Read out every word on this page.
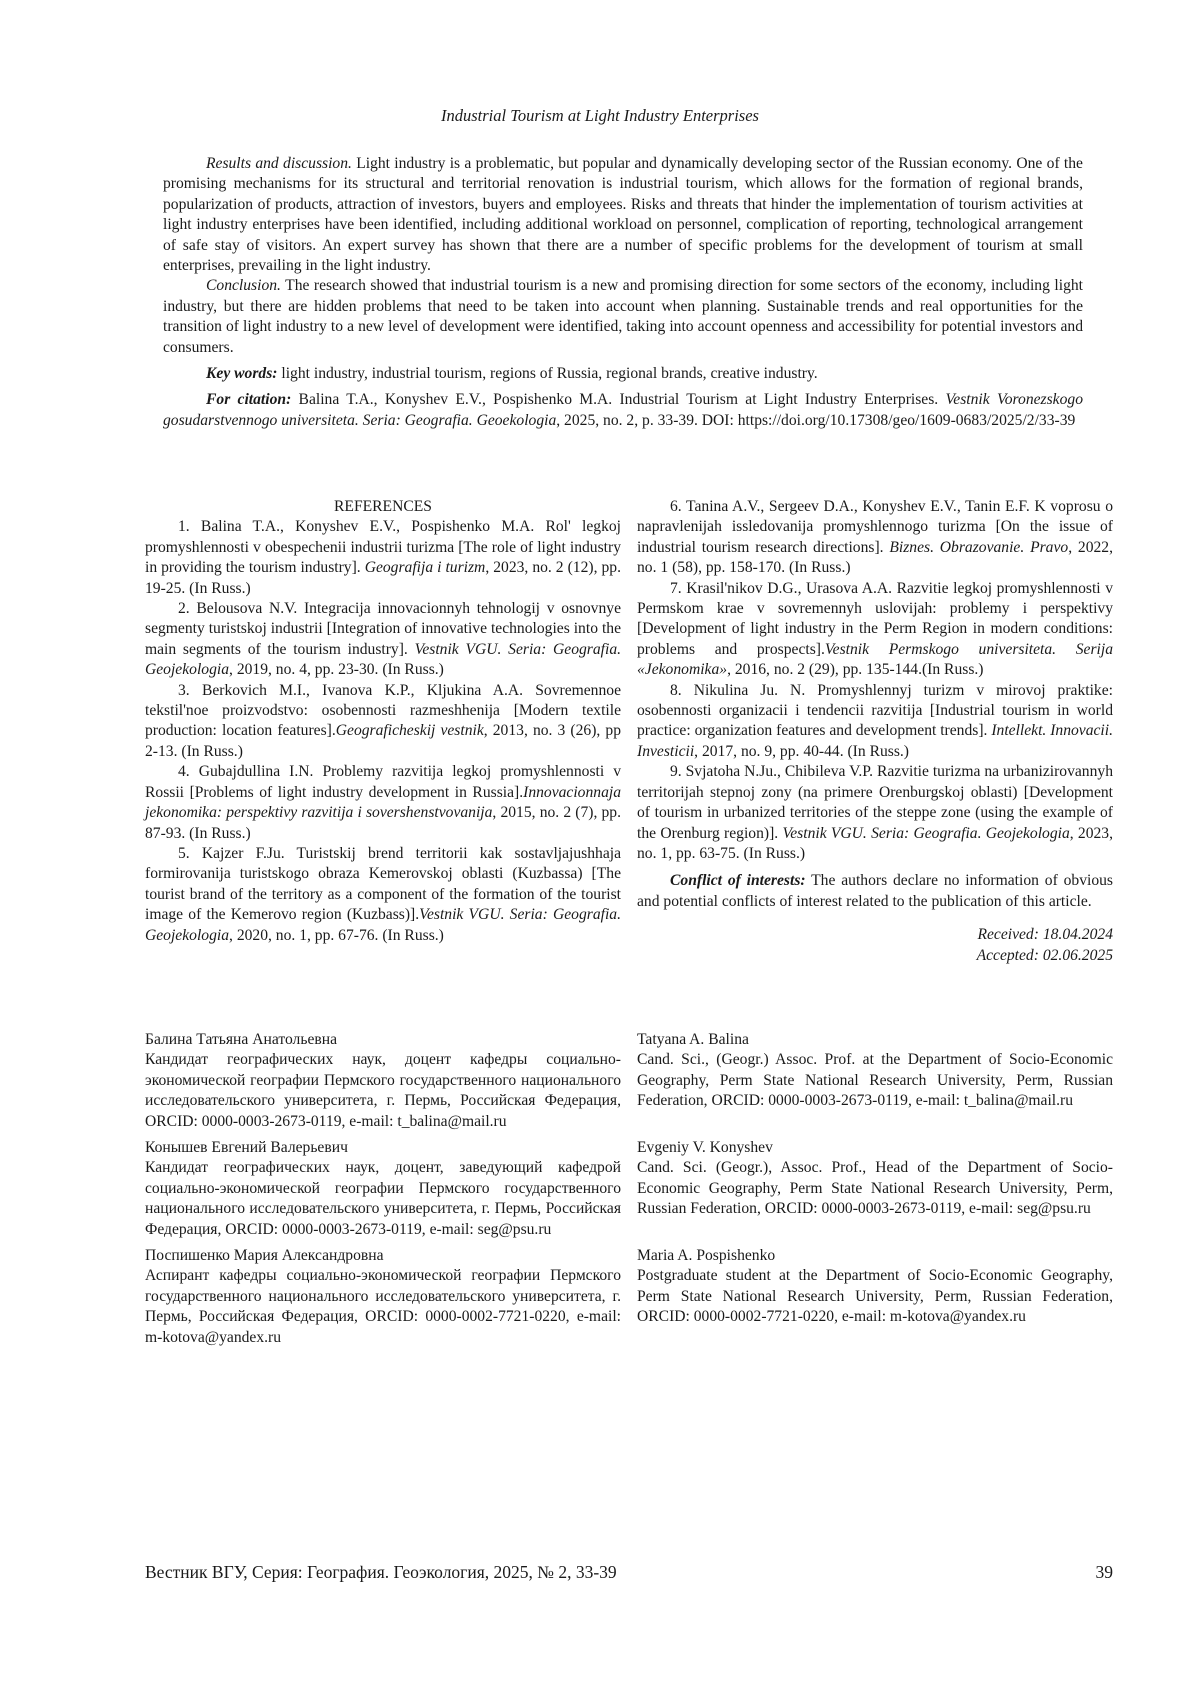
Industrial Tourism at Light Industry Enterprises

Results and discussion. Light industry is a problematic, but popular and dynamically developing sector of the Russian economy. One of the promising mechanisms for its structural and territorial renovation is industrial tourism, which allows for the formation of regional brands, popularization of products, attraction of investors, buyers and employees. Risks and threats that hinder the implementation of tourism activities at light industry enterprises have been identified, including additional workload on personnel, complication of reporting, technological arrangement of safe stay of visitors. An expert survey has shown that there are a number of specific problems for the development of tourism at small enterprises, prevailing in the light industry.

Conclusion. The research showed that industrial tourism is a new and promising direction for some sectors of the economy, including light industry, but there are hidden problems that need to be taken into account when planning. Sustainable trends and real opportunities for the transition of light industry to a new level of development were identified, taking into account openness and accessibility for potential investors and consumers.

Key words: light industry, industrial tourism, regions of Russia, regional brands, creative industry.

For citation: Balina T.A., Konyshev E.V., Pospishenko M.A. Industrial Tourism at Light Industry Enterprises. Vestnik Voronezskogo gosudarstvennogo universiteta. Seria: Geografia. Geoekologia, 2025, no. 2, p. 33-39. DOI: https://doi.org/10.17308/geo/1609-0683/2025/2/33-39

REFERENCES

1. Balina T.A., Konyshev E.V., Pospishenko M.A. Rol' legkoj promyshlennosti v obespechenii industrii turizma [The role of light industry in providing the tourism industry]. Geografija i turizm, 2023, no. 2 (12), pp. 19-25. (In Russ.)

2. Belousova N.V. Integracija innovacionnyh tehnologij v osnovnye segmenty turistskoj industrii [Integration of innovative technologies into the main segments of the tourism industry]. Vestnik VGU. Seria: Geografia. Geojekologia, 2019, no. 4, pp. 23-30. (In Russ.)

3. Berkovich M.I., Ivanova K.P., Kljukina A.A. Sovremennoe tekstil'noe proizvodstvo: osobennosti razmeshhenija [Modern textile production: location features].Geograficheskij vestnik, 2013, no. 3 (26), pp 2-13. (In Russ.)

4. Gubajdullina I.N. Problemy razvitija legkoj promyshlennosti v Rossii [Problems of light industry development in Russia].Innovacionnaja jekonomika: perspektivy razvitija i sovershenstvovanija, 2015, no. 2 (7), pp. 87-93. (In Russ.)

5. Kajzer F.Ju. Turistskij brend territorii kak sostavljajushhaja formirovanija turistskogo obraza Kemerovskoj oblasti (Kuzbassa) [The tourist brand of the territory as a component of the formation of the tourist image of the Kemerovo region (Kuzbass)].Vestnik VGU. Seria: Geografia. Geojekologia, 2020, no. 1, pp. 67-76. (In Russ.)

6. Tanina A.V., Sergeev D.A., Konyshev E.V., Tanin E.F. K voprosu o napravlenijah issledovanija promyshlennogo turizma [On the issue of industrial tourism research directions]. Biznes. Obrazovanie. Pravo, 2022, no. 1 (58), pp. 158-170. (In Russ.)

7. Krasil'nikov D.G., Urasova A.A. Razvitie legkoj promyshlennosti v Permskom krae v sovremennyh uslovijah: problemy i perspektivy [Development of light industry in the Perm Region in modern conditions: problems and prospects].Vestnik Permskogo universiteta. Serija «Jekonomika», 2016, no. 2 (29), pp. 135-144.(In Russ.)

8. Nikulina Ju. N. Promyshlennyj turizm v mirovoj praktike: osobennosti organizacii i tendencii razvitija [Industrial tourism in world practice: organization features and development trends]. Intellekt. Innovacii. Investicii, 2017, no. 9, pp. 40-44. (In Russ.)

9. Svjatoha N.Ju., Chibileva V.P. Razvitie turizma na urbanizirovannyh territorijah stepnoj zony (na primere Orenburgskoj oblasti) [Development of tourism in urbanized territories of the steppe zone (using the example of the Orenburg region)]. Vestnik VGU. Seria: Geografia. Geojekologia, 2023, no. 1, pp. 63-75. (In Russ.)

Conflict of interests: The authors declare no information of obvious and potential conflicts of interest related to the publication of this article.

Received: 18.04.2024
Accepted: 02.06.2025
Балина Татьяна Анатольевна
Кандидат географических наук, доцент кафедры социально-экономической географии Пермского государственного национального исследовательского университета, г. Пермь, Российская Федерация, ORCID: 0000-0003-2673-0119, e-mail: t_balina@mail.ru
Tatyana A. Balina
Cand. Sci., (Geogr.) Assoc. Prof. at the Department of Socio-Economic Geography, Perm State National Research University, Perm, Russian Federation, ORCID: 0000-0003-2673-0119, e-mail: t_balina@mail.ru
Конышев Евгений Валерьевич
Кандидат географических наук, доцент, заведующий кафедрой социально-экономической географии Пермского государственного национального исследовательского университета, г. Пермь, Российская Федерация, ORCID: 0000-0003-2673-0119, e-mail: seg@psu.ru
Evgeniy V. Konyshev
Cand. Sci. (Geogr.), Assoc. Prof., Head of the Department of Socio-Economic Geography, Perm State National Research University, Perm, Russian Federation, ORCID: 0000-0003-2673-0119, e-mail: seg@psu.ru
Поспишенко Мария Александровна
Аспирант кафедры социально-экономической географии Пермского государственного национального исследовательского университета, г. Пермь, Российская Федерация, ORCID: 0000-0002-7721-0220, e-mail: m-kotova@yandex.ru
Maria A. Pospishenko
Postgraduate student at the Department of Socio-Economic Geography, Perm State National Research University, Perm, Russian Federation, ORCID: 0000-0002-7721-0220, e-mail: m-kotova@yandex.ru
Вестник ВГУ, Серия: География. Геоэкология, 2025, № 2, 33-39	39
